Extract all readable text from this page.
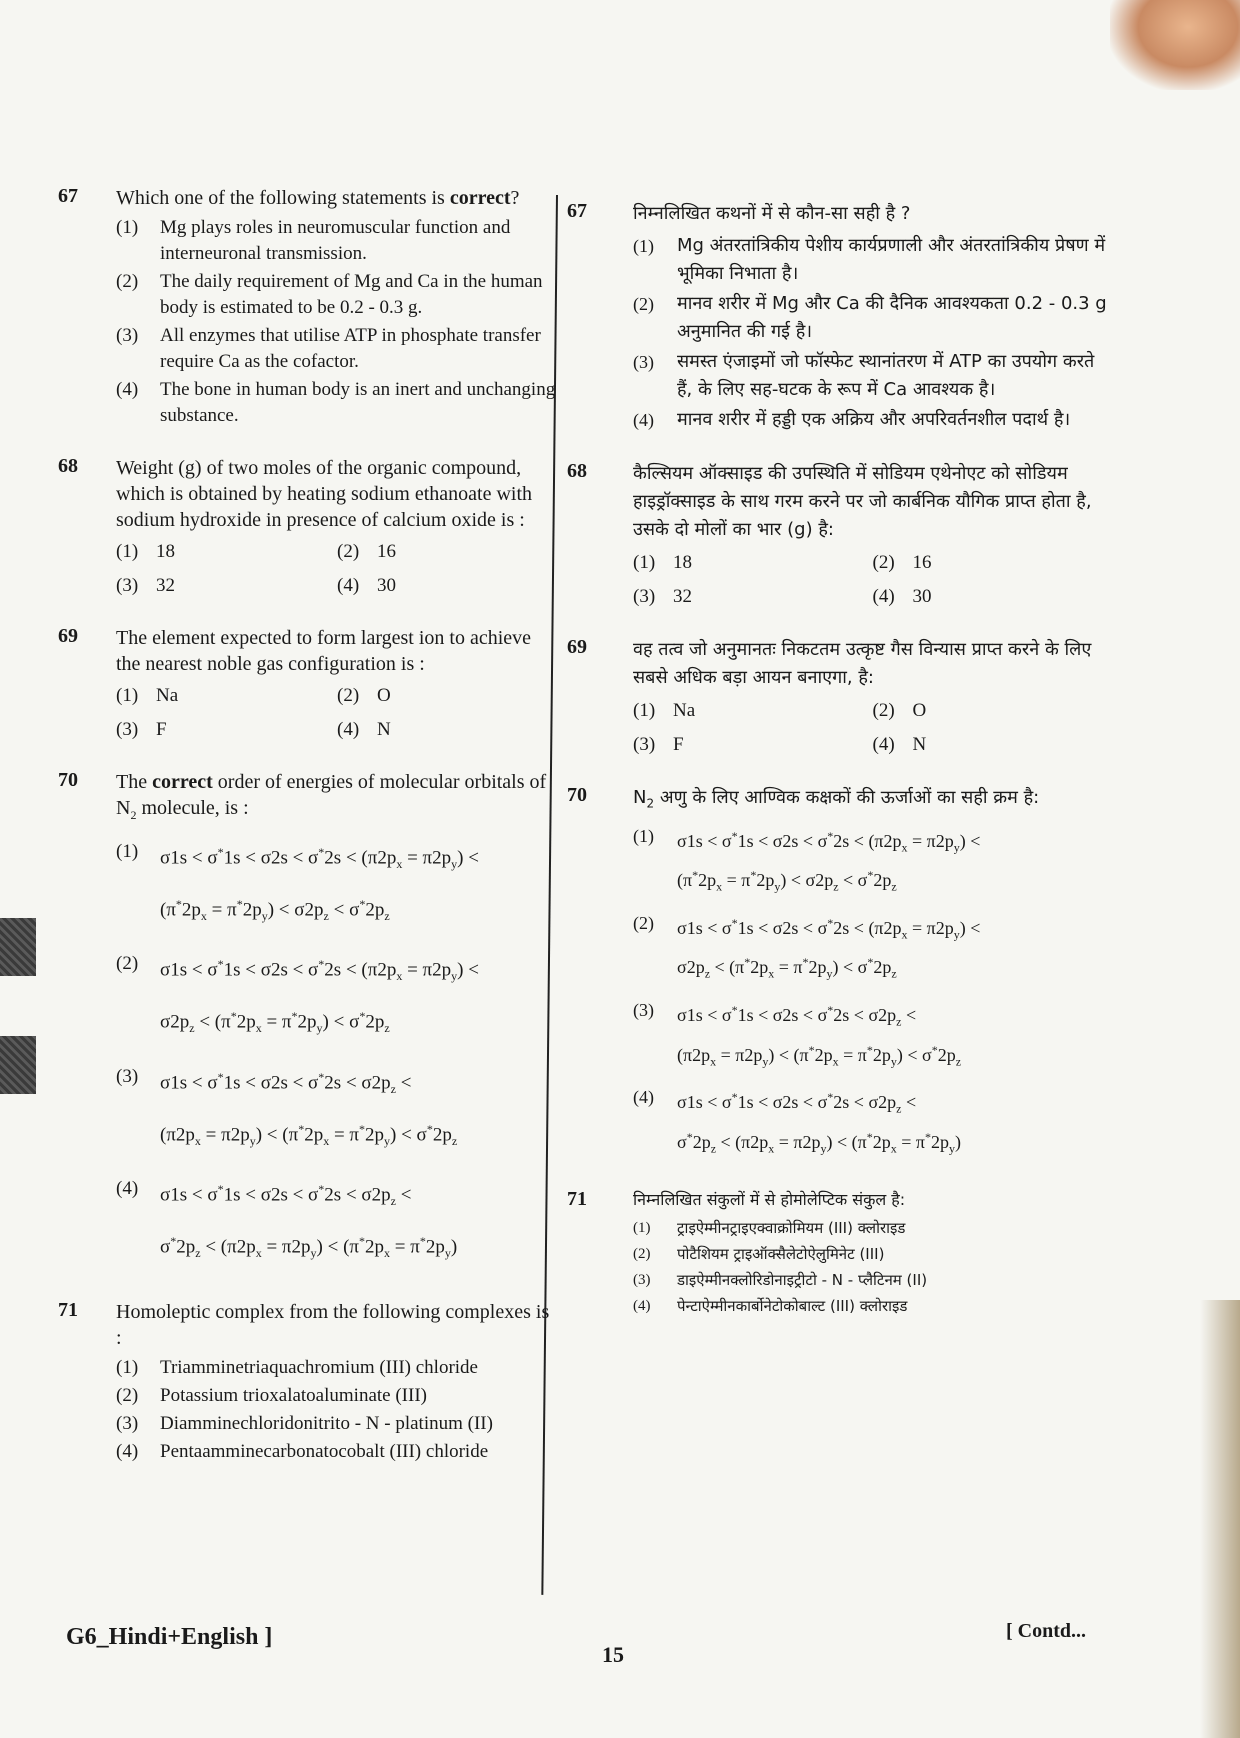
67 Which one of the following statements is correct?
(1) Mg plays roles in neuromuscular function and interneuronal transmission.
(2) The daily requirement of Mg and Ca in the human body is estimated to be 0.2 - 0.3 g.
(3) All enzymes that utilise ATP in phosphate transfer require Ca as the cofactor.
(4) The bone in human body is an inert and unchanging substance.
68 Weight (g) of two moles of the organic compound, which is obtained by heating sodium ethanoate with sodium hydroxide in presence of calcium oxide is :
(1) 18	(2) 16
(3) 32	(4) 30
69 The element expected to form largest ion to achieve the nearest noble gas configuration is :
(1) Na	(2) O
(3) F	(4) N
70 The correct order of energies of molecular orbitals of $N_2$ molecule, is :
(1) $\sigma 1s < \sigma^*1s < \sigma 2s < \sigma^*2s < (\pi 2p_x = \pi 2p_y)$ <
$(\pi^*2p_x = \pi^*2p_y) < \sigma 2p_z < \sigma^*2p_z$
(2) $\sigma 1s < \sigma^*1s < \sigma 2s < \sigma^*2s < (\pi 2p_x = \pi 2p_y)$ <
$\sigma 2p_z < (\pi^*2p_x = \pi^*2p_y) < \sigma^*2p_z$
(3) $\sigma 1s < \sigma^*1s < \sigma 2s < \sigma^*2s < \sigma 2p_z$ <
$(\pi 2p_x = \pi 2p_y) < (\pi^*2p_x = \pi^*2p_y) < \sigma^*2p_z$
(4) $\sigma 1s < \sigma^*1s < \sigma 2s < \sigma^*2s < \sigma 2p_z$ <
$\sigma^*2p_z < (\pi 2p_x = \pi 2p_y) < (\pi^*2p_x = \pi^*2p_y)$
71 Homoleptic complex from the following complexes is :
(1) Triamminetriaquachromium (III) chloride
(2) Potassium trioxalatoaluminate (III)
(3) Diamminechloridonitrito - N - platinum (II)
(4) Pentaamminecarbonatocobalt (III) chloride
67	निम्नलिखित कथनों में से कौन-सा सही है ?
(1) Mg अंतरतांत्रिकीय पेशीय कार्यप्रणाली और अंतरतांत्रिकीय प्रेषण में भूमिका निभाता है।
(2) मानव शरीर में Mg और Ca की दैनिक आवश्यकता 0.2 - 0.3 g अनुमानित की गई है।
(3) समस्त एंजाइमों जो फॉस्फेट स्थानांतरण में ATP का उपयोग करते हैं, के लिए सह-घटक के रूप में Ca आवश्यक है।
(4) मानव शरीर में हड्डी एक अक्रिय और अपरिवर्तनशील पदार्थ है।
68	कैल्सियम ऑक्साइड की उपस्थिति में सोडियम एथेनोएट को सोडियम हाइड्रॉक्साइड के साथ गरम करने पर जो कार्बनिक यौगिक प्राप्त होता है, उसके दो मोलों का भार (g) है:
(1) 18	(2) 16
(3) 32	(4) 30
69	वह तत्व जो अनुमानतः निकटतम उत्कृष्ट गैस विन्यास प्राप्त करने के लिए सबसे अधिक बड़ा आयन बनाएगा, है:
(1) Na	(2) O
(3) F	(4) N
70	$N_2$ अणु के लिए आण्विक कक्षकों की ऊर्जाओं का सही क्रम है:
(1) $\sigma 1s < \sigma^*1s < \sigma 2s < \sigma^*2s < (\pi 2p_x = \pi 2p_y)$ <
$(\pi^*2p_x = \pi^*2p_y) < \sigma 2p_z < \sigma^*2p_z$
(2) $\sigma 1s < \sigma^*1s < \sigma 2s < \sigma^*2s < (\pi 2p_x = \pi 2p_y)$ <
$\sigma 2p_z < (\pi^*2p_x = \pi^*2p_y) < \sigma^*2p_z$
(3) $\sigma 1s < \sigma^*1s < \sigma 2s < \sigma^*2s < \sigma 2p_z$ <
$(\pi 2p_x = \pi 2p_y) < (\pi^*2p_x = \pi^*2p_y) < \sigma^*2p_z$
(4) $\sigma 1s < \sigma^*1s < \sigma 2s < \sigma^*2s < \sigma 2p_z$ <
$\sigma^*2p_z < (\pi 2p_x = \pi 2p_y) < (\pi^*2p_x = \pi^*2p_y)$
71	निम्नलिखित संकुलों में से होमोलेप्टिक संकुल है:
(1) ट्राइऐम्मीनट्राइएक्वाक्रोमियम (III) क्लोराइड
(2) पोटैशियम ट्राइऑक्सैलेटोऐलुमिनेट (III)
(3) डाइऐम्मीनक्लोरिडोनाइट्रीटो - N - प्लैटिनम (II)
(4) पेन्टाऐम्मीनकार्बोनेटोकोबाल्ट (III) क्लोराइड
G6_Hindi+English ]
15
[ Contd...
